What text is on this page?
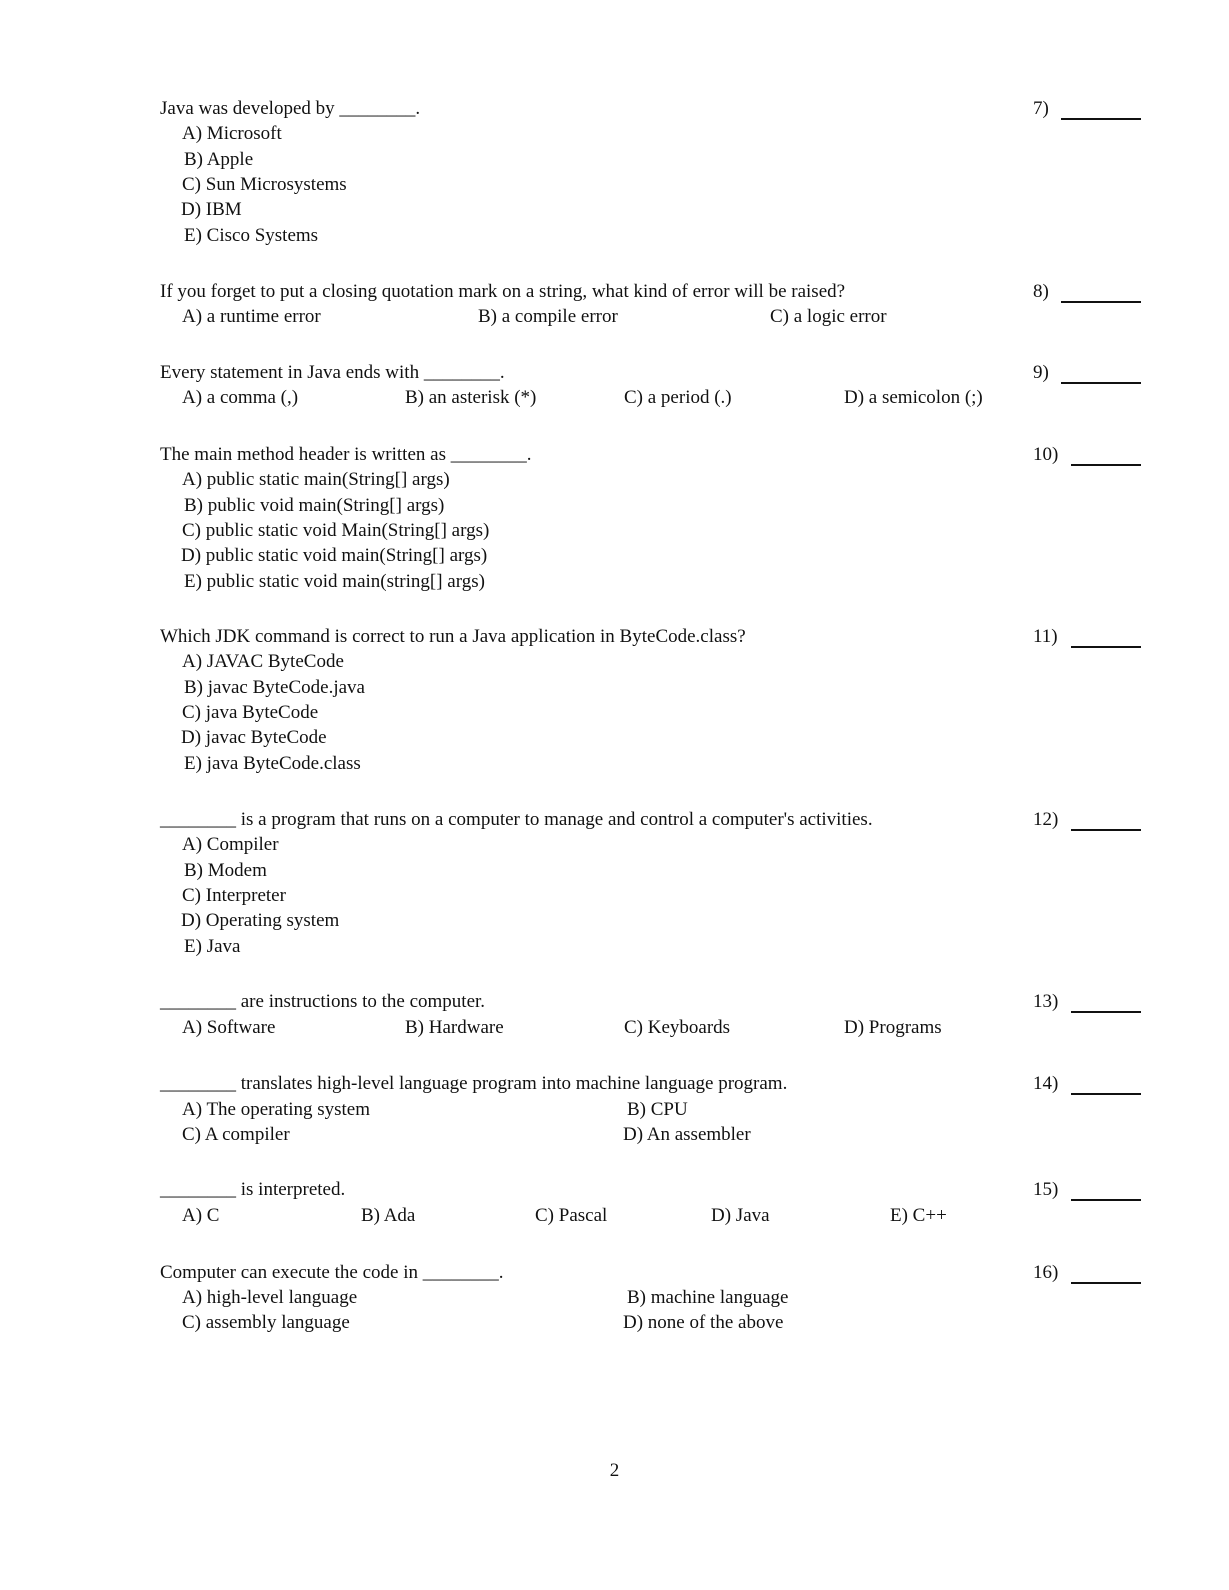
Java was developed by ________.	7)
A) Microsoft
B) Apple
C) Sun Microsystems
D) IBM
E) Cisco Systems
If you forget to put a closing quotation mark on a string, what kind of error will be raised?	8)
A) a runtime error	B) a compile error	C) a logic error
Every statement in Java ends with ________.	9)
A) a comma (,)	B) an asterisk (*)	C) a period (.)	D) a semicolon (;)
The main method header is written as ________.	10)
A) public static main(String[] args)
B) public void main(String[] args)
C) public static void Main(String[] args)
D) public static void main(String[] args)
E) public static void main(string[] args)
Which JDK command is correct to run a Java application in ByteCode.class?	11)
A) JAVAC ByteCode
B) javac ByteCode.java
C) java ByteCode
D) javac ByteCode
E) java ByteCode.class
________ is a program that runs on a computer to manage and control a computer's activities.	12)
A) Compiler
B) Modem
C) Interpreter
D) Operating system
E) Java
________ are instructions to the computer.	13)
A) Software	B) Hardware	C) Keyboards	D) Programs
________ translates high-level language program into machine language program.	14)
A) The operating system	B) CPU
C) A compiler	D) An assembler
________ is interpreted.	15)
A) C	B) Ada	C) Pascal	D) Java	E) C++
Computer can execute the code in ________.	16)
A) high-level language	B) machine language
C) assembly language	D) none of the above
2
